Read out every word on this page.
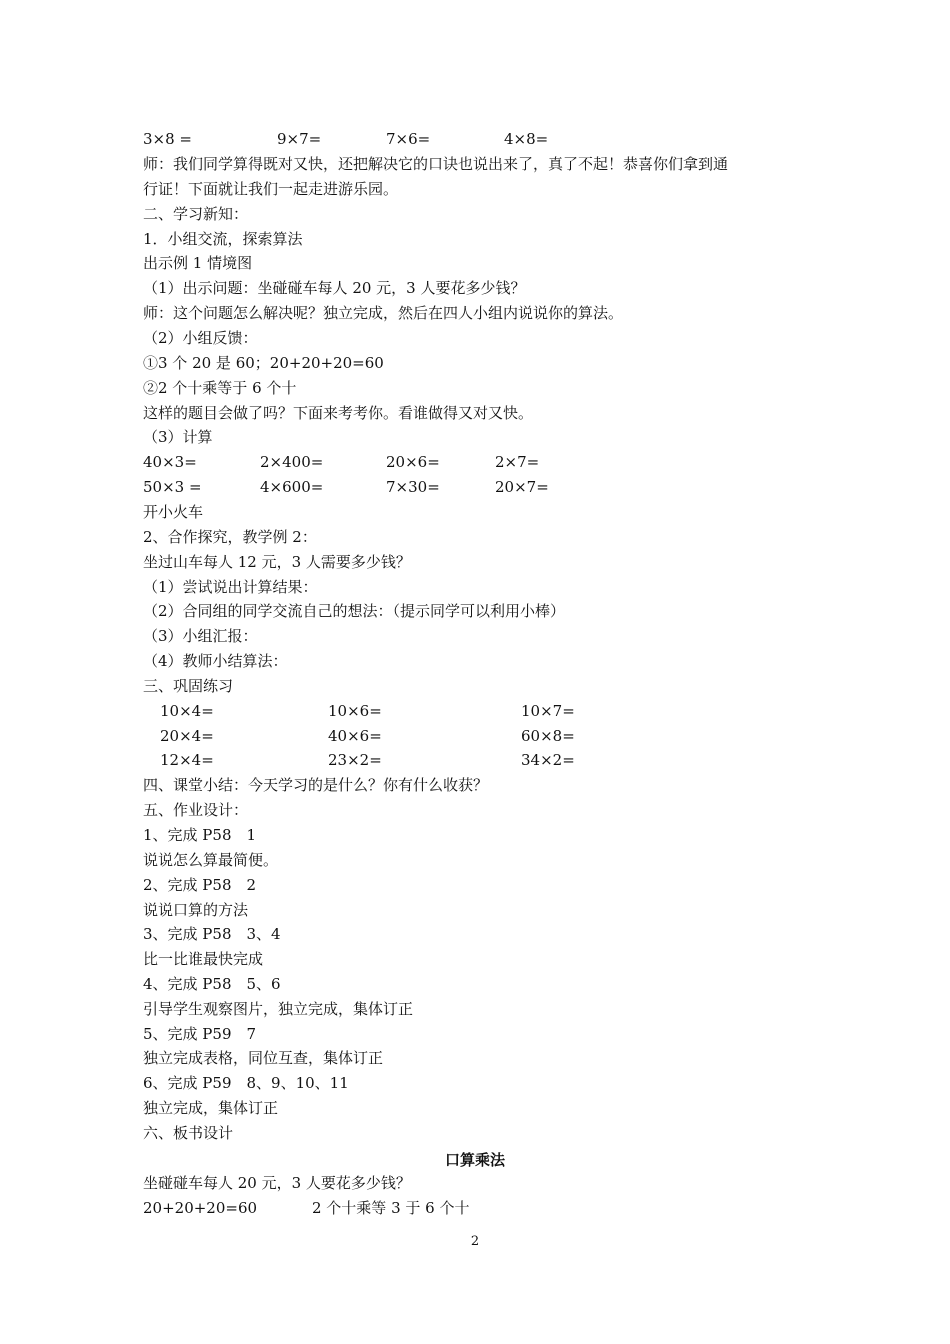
3×8 =	9×7=	7×6=	4×8=
师：我们同学算得既对又快，还把解决它的口诀也说出来了，真了不起！恭喜你们拿到通
行证！下面就让我们一起走进游乐园。
二、学习新知：
1．小组交流，探索算法
出示例 1 情境图
（1）出示问题：坐碰碰车每人 20 元，3 人要花多少钱？
师：这个问题怎么解决呢？独立完成，然后在四人小组内说说你的算法。
（2）小组反馈：
①3 个 20 是 60；20+20+20=60
②2 个十乘等于 6 个十
这样的题目会做了吗？下面来考考你。看谁做得又对又快。
（3）计算
40×3=	2×400=	20×6=	2×7=
50×3 =	4×600=	7×30=	20×7=
开小火车
2、合作探究，教学例 2：
坐过山车每人 12 元，3 人需要多少钱？
（1）尝试说出计算结果：
（2）合同组的同学交流自己的想法：（提示同学可以利用小棒）
（3）小组汇报：
（4）教师小结算法：
三、巩固练习
10×4=	10×6=	10×7=
20×4=	40×6=	60×8=
12×4=	23×2=	34×2=
四、课堂小结：今天学习的是什么？你有什么收获？
五、作业设计：
1、完成 P58　1
说说怎么算最简便。
2、完成 P58　2
说说口算的方法
3、完成 P58　3、4
比一比谁最快完成
4、完成 P58　5、6
引导学生观察图片，独立完成，集体订正
5、完成 P59　7
独立完成表格，同位互查，集体订正
6、完成 P59　8、9、10、11
独立完成，集体订正
六、板书设计
口算乘法
坐碰碰车每人 20 元，3 人要花多少钱？
20+20+20=60	2 个十乘等 3 于 6 个十
2
